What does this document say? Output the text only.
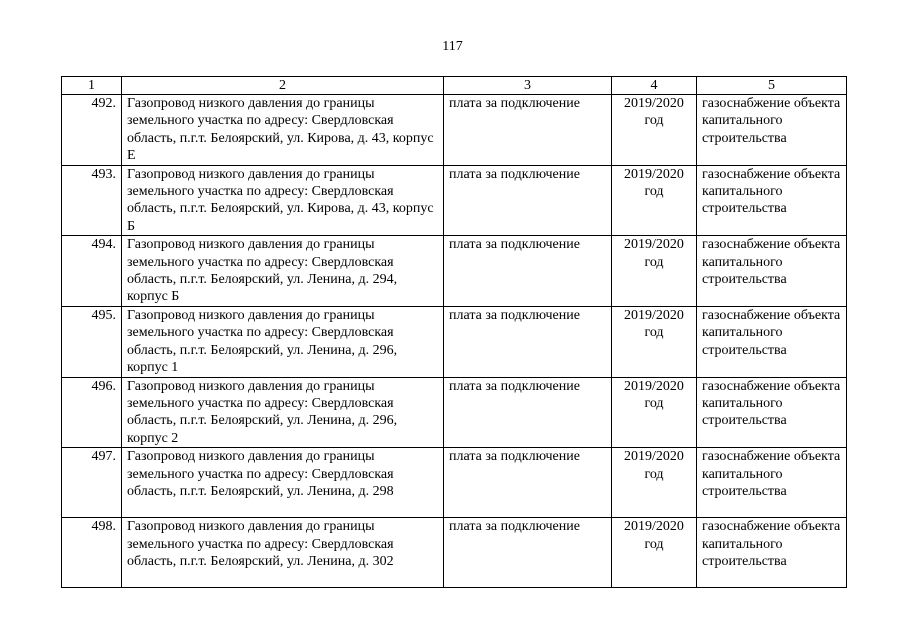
117
1	2	3	4	5
492.	Газопровод низкого давления до границы земельного участка по адресу: Свердловская область, п.г.т. Белоярский, ул. Кирова, д. 43, корпус Е	плата за подключение	2019/2020 год	газоснабжение объекта капитального строительства
493.	Газопровод низкого давления до границы земельного участка по адресу: Свердловская область, п.г.т. Белоярский, ул. Кирова, д. 43, корпус Б	плата за подключение	2019/2020 год	газоснабжение объекта капитального строительства
494.	Газопровод низкого давления до границы земельного участка по адресу: Свердловская область, п.г.т. Белоярский, ул. Ленина, д. 294, корпус Б	плата за подключение	2019/2020 год	газоснабжение объекта капитального строительства
495.	Газопровод низкого давления до границы земельного участка по адресу: Свердловская область, п.г.т. Белоярский, ул. Ленина, д. 296, корпус 1	плата за подключение	2019/2020 год	газоснабжение объекта капитального строительства
496.	Газопровод низкого давления до границы земельного участка по адресу: Свердловская область, п.г.т. Белоярский, ул. Ленина, д. 296, корпус 2	плата за подключение	2019/2020 год	газоснабжение объекта капитального строительства
497.	Газопровод низкого давления до границы земельного участка по адресу: Свердловская область, п.г.т. Белоярский, ул. Ленина, д. 298	плата за подключение	2019/2020 год	газоснабжение объекта капитального строительства
498.	Газопровод низкого давления до границы земельного участка по адресу: Свердловская область, п.г.т. Белоярский, ул. Ленина, д. 302	плата за подключение	2019/2020 год	газоснабжение объекта капитального строительства
